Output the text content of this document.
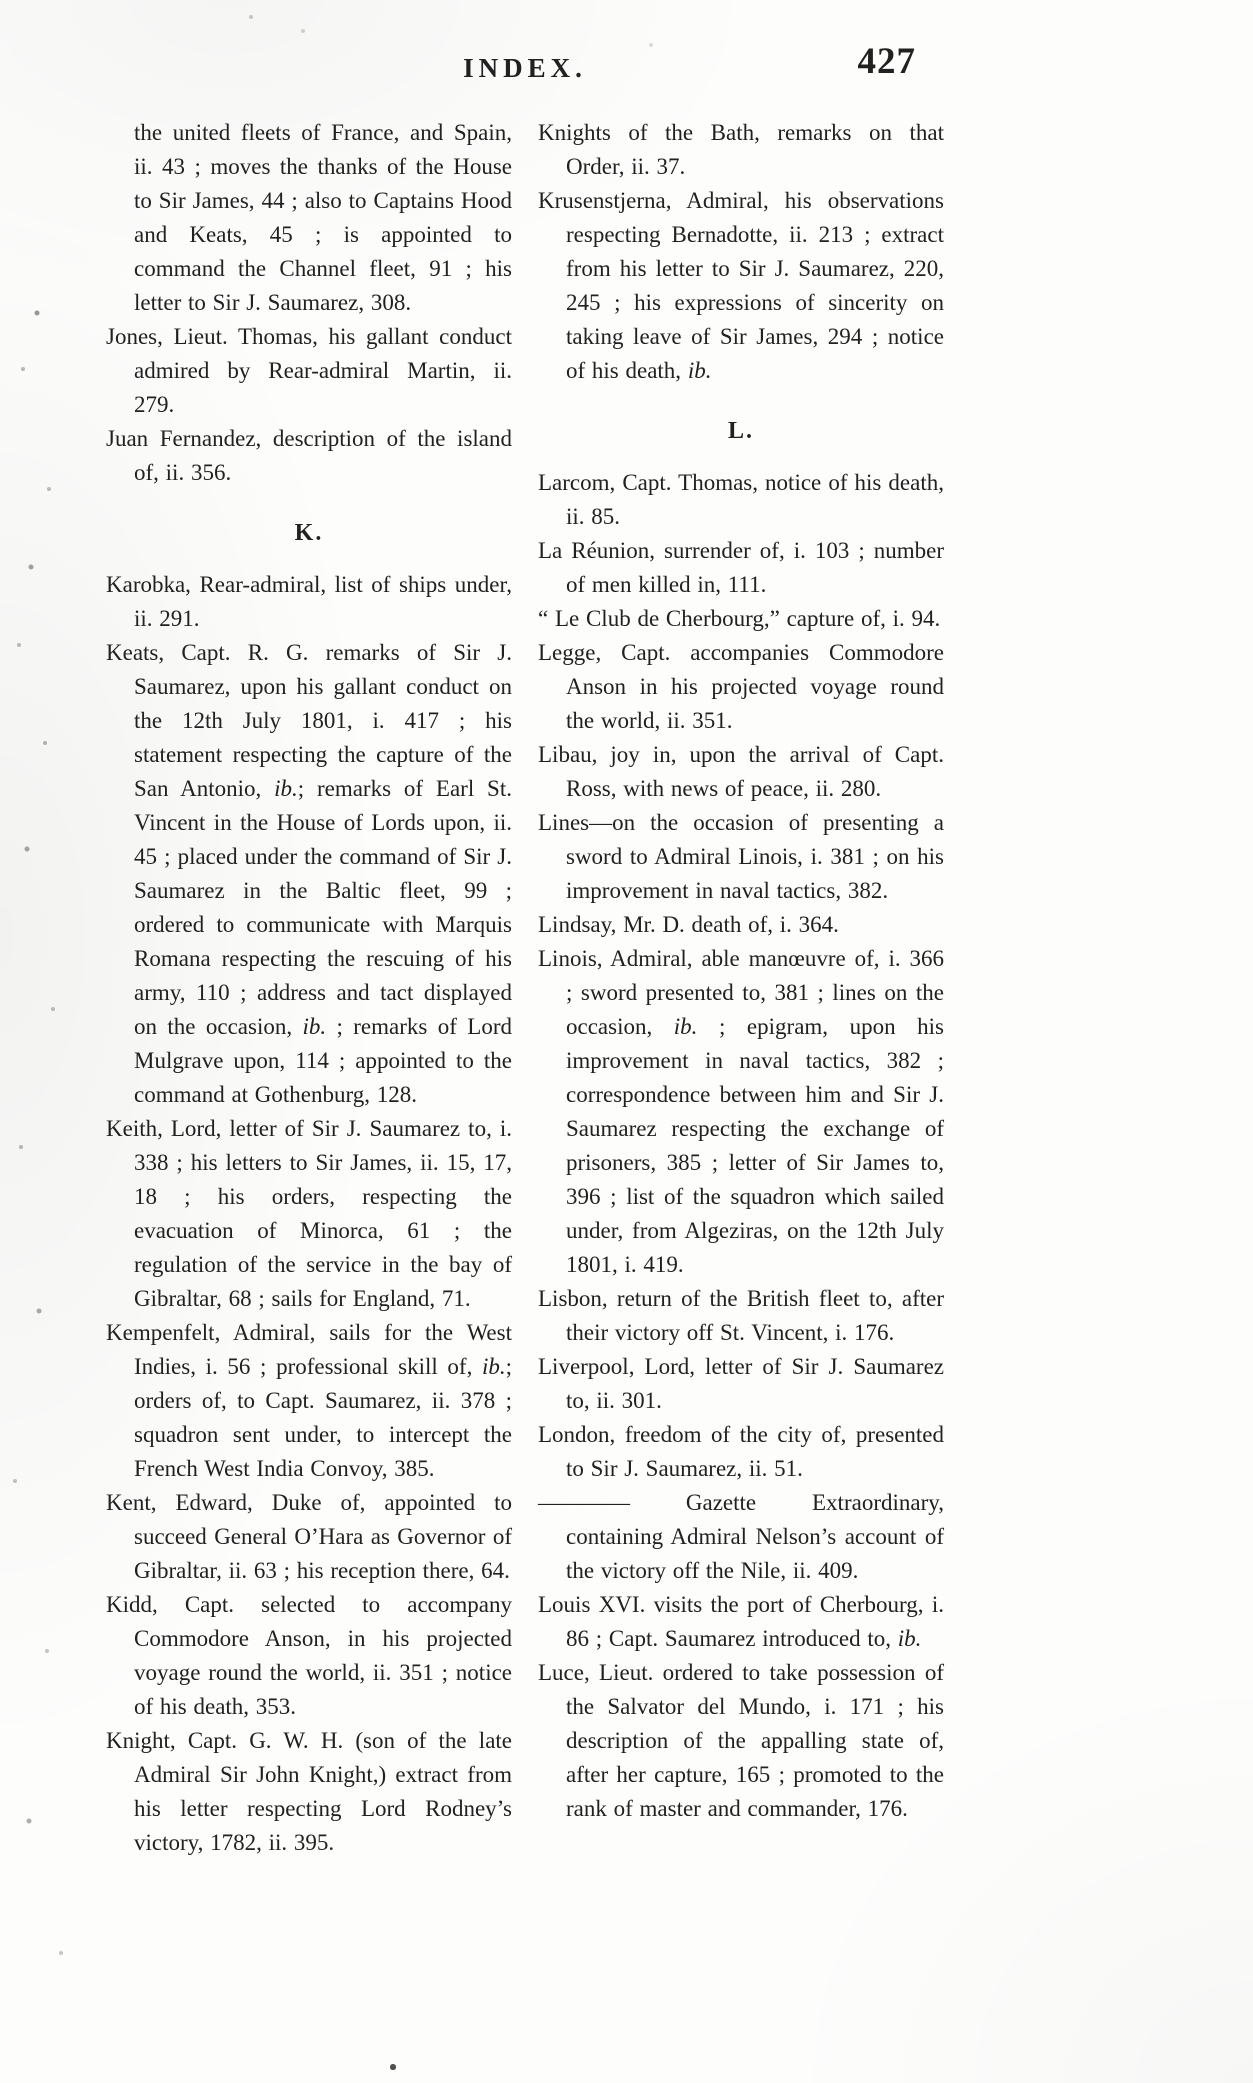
INDEX.	427

the united fleets of France, and Spain, ii. 43 ; moves the thanks of the House to Sir James, 44 ; also to Captains Hood and Keats, 45 ; is appointed to command the Channel fleet, 91 ; his letter to Sir J. Saumarez, 308.

Jones, Lieut. Thomas, his gallant conduct admired by Rear-admiral Martin, ii. 279.

Juan Fernandez, description of the island of, ii. 356.

K.

Karobka, Rear-admiral, list of ships under, ii. 291.

Keats, Capt. R. G. remarks of Sir J. Saumarez, upon his gallant conduct on the 12th July 1801, i. 417 ; his statement respecting the capture of the San Antonio, ib.; remarks of Earl St. Vincent in the House of Lords upon, ii. 45 ; placed under the command of Sir J. Saumarez in the Baltic fleet, 99 ; ordered to communicate with Marquis Romana respecting the rescuing of his army, 110 ; address and tact displayed on the occasion, ib. ; remarks of Lord Mulgrave upon, 114 ; appointed to the command at Gothenburg, 128.

Keith, Lord, letter of Sir J. Saumarez to, i. 338 ; his letters to Sir James, ii. 15, 17, 18 ; his orders, respecting the evacuation of Minorca, 61 ; the regulation of the service in the bay of Gibraltar, 68 ; sails for England, 71.

Kempenfelt, Admiral, sails for the West Indies, i. 56 ; professional skill of, ib.; orders of, to Capt. Saumarez, ii. 378 ; squadron sent under, to intercept the French West India Convoy, 385.

Kent, Edward, Duke of, appointed to succeed General O’Hara as Governor of Gibraltar, ii. 63 ; his reception there, 64.

Kidd, Capt. selected to accompany Commodore Anson, in his projected voyage round the world, ii. 351 ; notice of his death, 353.

Knight, Capt. G. W. H. (son of the late Admiral Sir John Knight,) extract from his letter respecting Lord Rodney’s victory, 1782, ii. 395.

Knights of the Bath, remarks on that Order, ii. 37.

Krusenstjerna, Admiral, his observations respecting Bernadotte, ii. 213 ; extract from his letter to Sir J. Saumarez, 220, 245 ; his expressions of sincerity on taking leave of Sir James, 294 ; notice of his death, ib.

L.

Larcom, Capt. Thomas, notice of his death, ii. 85.

La Réunion, surrender of, i. 103 ; number of men killed in, 111.

“ Le Club de Cherbourg,” capture of, i. 94.

Legge, Capt. accompanies Commodore Anson in his projected voyage round the world, ii. 351.

Libau, joy in, upon the arrival of Capt. Ross, with news of peace, ii. 280.

Lines—on the occasion of presenting a sword to Admiral Linois, i. 381 ; on his improvement in naval tactics, 382.

Lindsay, Mr. D. death of, i. 364.

Linois, Admiral, able manœuvre of, i. 366 ; sword presented to, 381 ; lines on the occasion, ib. ; epigram, upon his improvement in naval tactics, 382 ; correspondence between him and Sir J. Saumarez respecting the exchange of prisoners, 385 ; letter of Sir James to, 396 ; list of the squadron which sailed under, from Algeziras, on the 12th July 1801, i. 419.

Lisbon, return of the British fleet to, after their victory off St. Vincent, i. 176.

Liverpool, Lord, letter of Sir J. Saumarez to, ii. 301.

London, freedom of the city of, presented to Sir J. Saumarez, ii. 51.

———— Gazette Extraordinary, containing Admiral Nelson’s account of the victory off the Nile, ii. 409.

Louis XVI. visits the port of Cherbourg, i. 86 ; Capt. Saumarez introduced to, ib.

Luce, Lieut. ordered to take possession of the Salvator del Mundo, i. 171 ; his description of the appalling state of, after her capture, 165 ; promoted to the rank of master and commander, 176.
